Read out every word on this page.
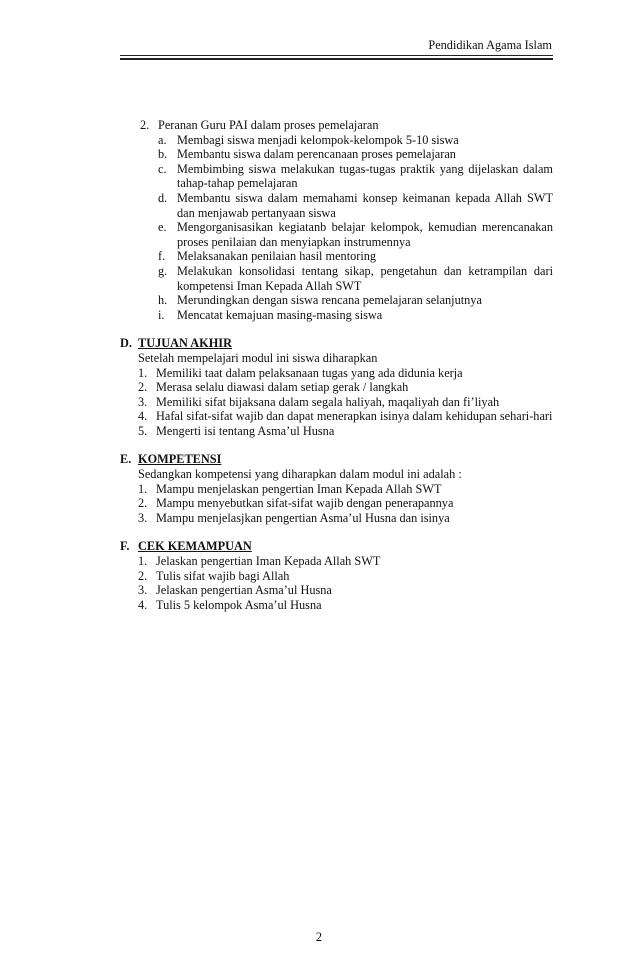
Pendidikan Agama Islam
2. Peranan Guru PAI dalam proses pemelajaran
a. Membagi siswa menjadi kelompok-kelompok 5-10 siswa
b. Membantu siswa dalam perencanaan proses pemelajaran
c. Membimbing siswa melakukan tugas-tugas praktik yang dijelaskan dalam tahap-tahap pemelajaran
d. Membantu siswa dalam memahami konsep keimanan kepada Allah SWT dan menjawab pertanyaan siswa
e. Mengorganisasikan kegiatanb belajar kelompok, kemudian merencanakan proses penilaian dan menyiapkan instrumennya
f. Melaksanakan penilaian hasil mentoring
g. Melakukan konsolidasi tentang sikap, pengetahun dan ketrampilan dari kompetensi Iman Kepada Allah SWT
h. Merundingkan dengan siswa rencana pemelajaran selanjutnya
i.	Mencatat kemajuan masing-masing siswa
D. TUJUAN AKHIR
Setelah mempelajari modul ini siswa diharapkan
1. Memiliki taat dalam pelaksanaan tugas yang ada didunia kerja
2. Merasa selalu diawasi dalam setiap gerak / langkah
3. Memiliki sifat bijaksana dalam segala haliyah, maqaliyah dan fi’liyah
4. Hafal sifat-sifat wajib dan dapat menerapkan isinya dalam kehidupan sehari-hari
5. Mengerti isi tentang Asma’ul Husna
E. KOMPETENSI
Sedangkan kompetensi yang diharapkan dalam modul ini adalah :
1. Mampu menjelaskan pengertian Iman Kepada Allah SWT
2. Mampu menyebutkan sifat-sifat wajib dengan penerapannya
3. Mampu menjelasjkan pengertian Asma’ul Husna dan isinya
F. CEK KEMAMPUAN
1. Jelaskan pengertian Iman Kepada Allah SWT
2. Tulis sifat wajib bagi Allah
3. Jelaskan pengertian Asma’ul Husna
4. Tulis 5 kelompok Asma’ul Husna
2
